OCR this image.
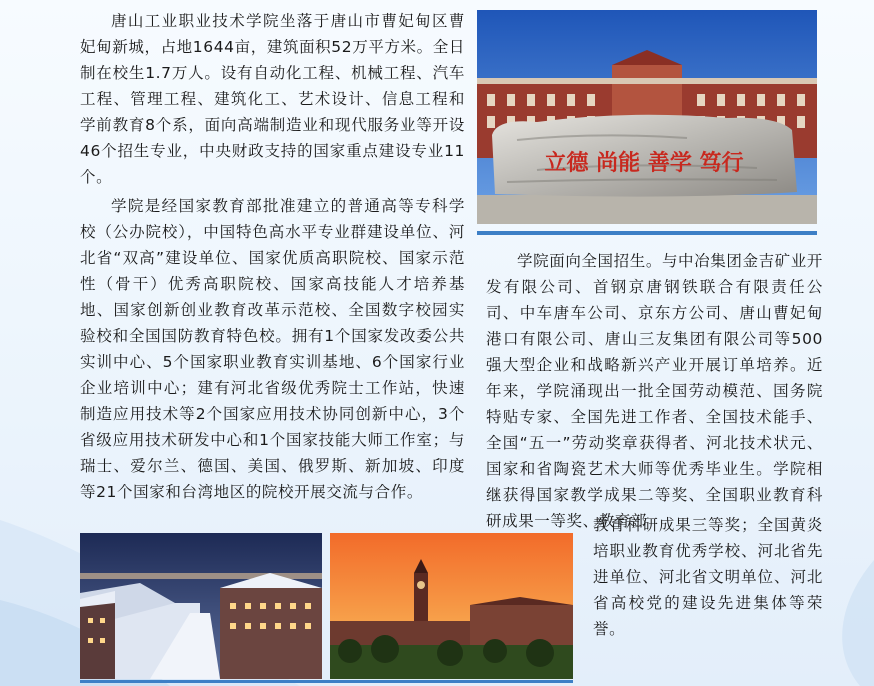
唐山工业职业技术学院坐落于唐山市曹妃甸区曹妃甸新城，占地1644亩，建筑面积52万平方米。全日制在校生1.7万人。设有自动化工程、机械工程、汽车工程、管理工程、建筑化工、艺术设计、信息工程和学前教育8个系，面向高端制造业和现代服务业等开设46个招生专业，中央财政支持的国家重点建设专业11个。

学院是经国家教育部批准建立的普通高等专科学校（公办院校），中国特色高水平专业群建设单位、河北省“双高”建设单位、国家优质高职院校、国家示范性（骨干）优秀高职院校、国家高技能人才培养基地、国家创新创业教育改革示范校、全国数字校园实验校和全国国防教育特色校。拥有1个国家发改委公共实训中心、5个国家职业教育实训基地、6个国家行业企业培训中心；建有河北省级优秀院士工作站，快速制造应用技术等2个国家应用技术协同创新中心，3个省级应用技术研发中心和1个国家技能大师工作室；与瑞士、爱尔兰、德国、美国、俄罗斯、新加坡、印度等21个国家和台湾地区的院校开展交流与合作。

学院面向全国招生。与中冶集团金吉矿业开发有限公司、首钢京唐钢铁联合有限责任公司、中车唐车公司、京东方公司、唐山曹妃甸港口有限公司、唐山三友集团有限公司等500强大型企业和战略新兴产业开展订单培养。近年来，学院涌现出一批全国劳动模范、国务院特贴专家、全国先进工作者、全国技术能手、全国“五一”劳动奖章获得者、河北技术状元、国家和省陶瓷艺术大师等优秀毕业生。学院相继获得国家教学成果二等奖、全国职业教育科研成果一等奖、教育部

教育科研成果三等奖；全国黄炎培职业教育优秀学校、河北省先进单位、河北省文明单位、河北省高校党的建设先进集体等荣誉。

立德 尚能 善学 笃行
